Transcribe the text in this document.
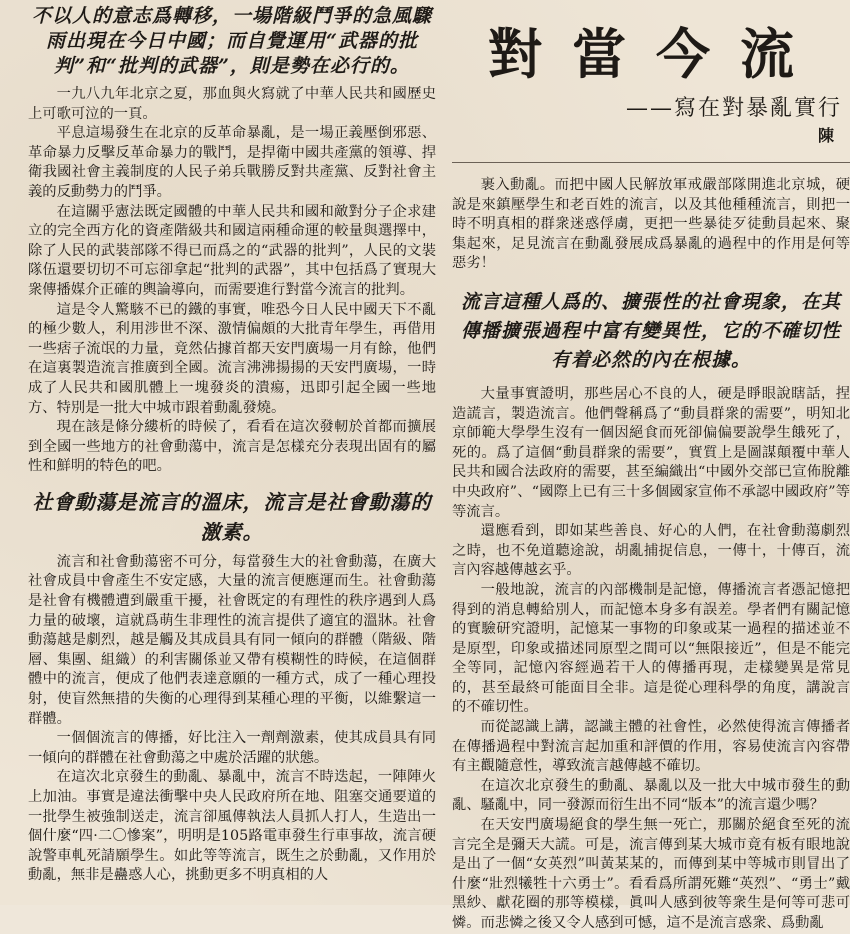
不以人的意志爲轉移，一場階級鬥爭的急風驟雨出現在今日中國；而自覺運用“武器的批判”和“批判的武器”，則是勢在必行的。

一九八九年北京之夏，那血與火寫就了中華人民共和國歷史上可歌可泣的一頁。

平息這場發生在北京的反革命暴亂，是一場正義壓倒邪惡、革命暴力反擊反革命暴力的戰鬥，是捍衛中國共產黨的領導、捍衛我國社會主義制度的人民子弟兵戰勝反對共產黨、反對社會主義的反動勢力的鬥爭。

在這關乎憲法既定國體的中華人民共和國和敵對分子企求建立的完全西方化的資產階級共和國這兩種命運的較量與選擇中，除了人民的武裝部隊不得已而爲之的“武器的批判”，人民的文裝隊伍還要切切不可忘卻拿起“批判的武器”，其中包括爲了實現大衆傳播媒介正確的輿論導向，而需要進行對當今流言的批判。

這是令人驚駭不已的鐵的事實，唯恐今日人民中國天下不亂的極少數人，利用涉世不深、激情偏頗的大批青年學生，再借用一些痞子流氓的力量，竟然佔據首都天安門廣場一月有餘，他們在這裏製造流言推廣到全國。流言沸沸揚揚的天安門廣場，一時成了人民共和國肌體上一塊發炎的潰瘍，迅即引起全國一些地方、特別是一批大中城市跟着動亂發燒。

現在該是條分縷析的時候了，看看在這次發軔於首都而擴展到全國一些地方的社會動蕩中，流言是怎樣充分表現出固有的屬性和鮮明的特色的吧。

社會動蕩是流言的溫床，流言是社會動蕩的激素。

流言和社會動蕩密不可分，每當發生大的社會動蕩，在廣大社會成員中會產生不安定感，大量的流言便應運而生。社會動蕩是社會有機體遭到嚴重干擾，社會既定的有理性的秩序遇到人爲力量的破壞，這就爲萌生非理性的流言提供了適宜的溫牀。社會動蕩越是劇烈，越是觸及其成員具有同一傾向的群體（階級、階層、集團、組織）的利害關係並又帶有模糊性的時候，在這個群體中的流言，便成了他們表達意願的一種方式，成了一種心理投射，使盲然無措的失衡的心理得到某種心理的平衡，以維繫這一群體。

一個個流言的傳播，好比注入一劑劑激素，使其成員具有同一傾向的群體在社會動蕩之中處於活躍的狀態。

在這次北京發生的動亂、暴亂中，流言不時迭起，一陣陣火上加油。事實是違法衝擊中央人民政府所在地、阻塞交通要道的一批學生被強制送走，流言卻風傳執法人員抓人打人，生造出一個什麼“四·二〇慘案”，明明是105路電車發生行車事故，流言硬說警車軋死請願學生。如此等等流言，既生之於動亂，又作用於動亂，無非是蠱惑人心，挑動更多不明真相的人

對當今流
——寫在對暴亂實行
陳

裹入動亂。而把中國人民解放軍戒嚴部隊開進北京城，硬說是來鎮壓學生和老百姓的流言，以及其他種種流言，則把一時不明真相的群衆迷惑俘虜，更把一些暴徒歹徒動員起來、聚集起來，足見流言在動亂發展成爲暴亂的過程中的作用是何等惡劣！

流言這種人爲的、擴張性的社會現象，在其傳播擴張過程中富有變異性，它的不確切性有着必然的內在根據。

大量事實證明，那些居心不良的人，硬是睜眼說瞎話，捏造謊言，製造流言。他們聲稱爲了“動員群衆的需要”，明知北京師範大學學生沒有一個因絕食而死卻偏偏要說學生餓死了，死的。爲了這個“動員群衆的需要”，實質上是圖謀顛覆中華人民共和國合法政府的需要，甚至編織出“中國外交部已宣佈脫離中央政府”、“國際上已有三十多個國家宣佈不承認中國政府”等等流言。

還應看到，即如某些善良、好心的人們，在社會動蕩劇烈之時，也不免道聽途說，胡亂捕捉信息，一傳十，十傳百，流言內容越傳越玄乎。

一般地說，流言的內部機制是記憶，傳播流言者憑記憶把得到的消息轉給別人，而記憶本身多有誤差。學者們有關記憶的實驗研究證明，記憶某一事物的印象或某一過程的描述並不是原型，印象或描述同原型之間可以“無限接近”，但是不能完全等同，記憶內容經過若干人的傳播再現，走樣變異是常見的，甚至最終可能面目全非。這是從心理科學的角度，講說言的不確切性。

而從認識上講，認識主體的社會性，必然使得流言傳播者在傳播過程中對流言起加重和評價的作用，容易使流言內容帶有主觀隨意性，導致流言越傳越不確切。

在這次北京發生的動亂、暴亂以及一批大中城市發生的動亂、騷亂中，同一發源而衍生出不同“版本”的流言還少嗎？

在天安門廣場絕食的學生無一死亡，那關於絕食至死的流言完全是彌天大謊。可是，流言傳到某大城市竟有板有眼地說是出了一個“女英烈”叫黃某某的，而傳到某中等城市則冒出了什麼“壯烈犧牲十六勇士”。看看爲所謂死難“英烈”、“勇士”戴黑紗、獻花圈的那等模樣，眞叫人感到彼等衆生是何等可悲可憐。而悲憐之後又令人感到可憾，這不是流言惑衆、爲動亂
